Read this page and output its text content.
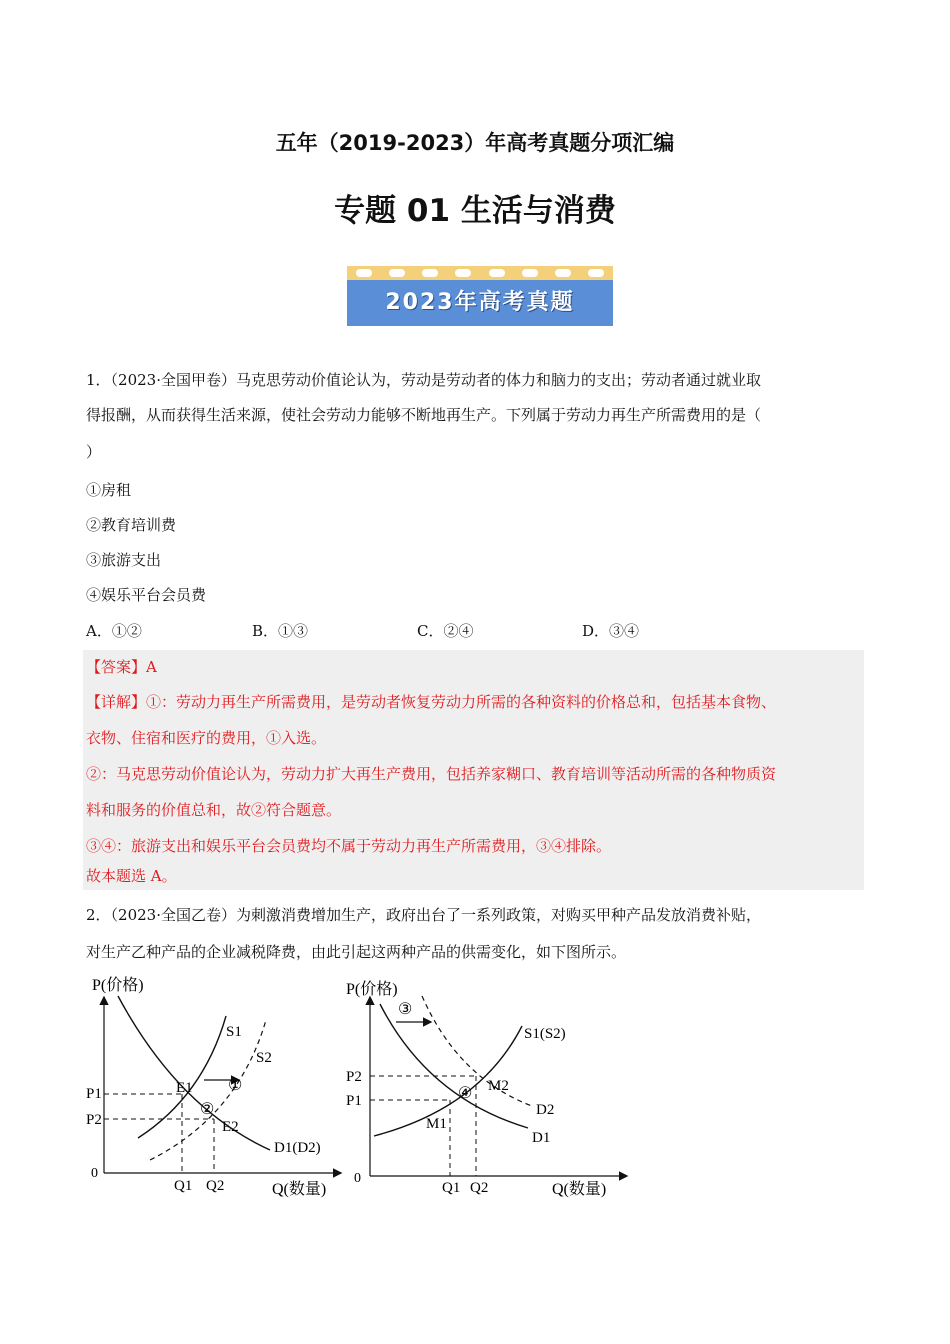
五年（2019-2023）年高考真题分项汇编
专题 01 生活与消费
2023年高考真题
1．（2023·全国甲卷）马克思劳动价值论认为，劳动是劳动者的体力和脑力的支出；劳动者通过就业取
得报酬，从而获得生活来源，使社会劳动力能够不断地再生产。下列属于劳动力再生产所需费用的是（
）
①房租
②教育培训费
③旅游支出
④娱乐平台会员费
A．①②	B．①③	C．②④	D．③④
【答案】A
【详解】①：劳动力再生产所需费用，是劳动者恢复劳动力所需的各种资料的价格总和，包括基本食物、
衣物、住宿和医疗的费用，①入选。
②：马克思劳动价值论认为，劳动力扩大再生产费用，包括养家糊口、教育培训等活动所需的各种物质资
料和服务的价值总和，故②符合题意。
③④：旅游支出和娱乐平台会员费均不属于劳动力再生产所需费用，③④排除。
故本题选 A。
2．（2023·全国乙卷）为刺激消费增加生产，政府出台了一系列政策，对购买甲种产品发放消费补贴，
对生产乙种产品的企业减税降费，由此引起这两种产品的供需变化，如下图所示。
P(价格)
Q(数量)
0
S1
S2
D1(D2)
E1
E2
P1
P2
Q1 Q2
①
②
P(价格)
Q(数量)
0
S1(S2)
D1
D2
M1
M2
P2
P1
Q1 Q2
③
④
